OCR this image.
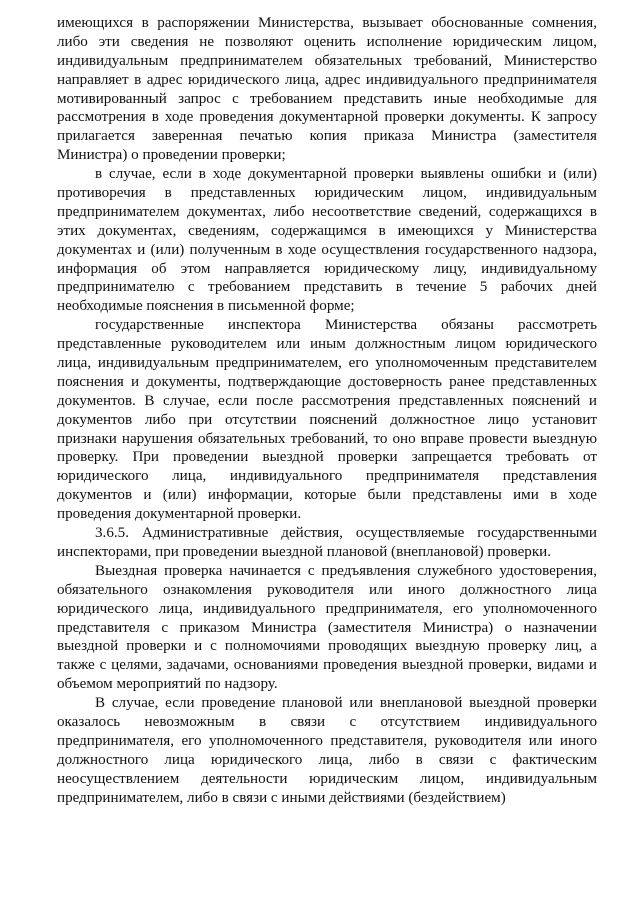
имеющихся в распоряжении Министерства, вызывает обоснованные сомнения,
либо эти сведения не позволяют оценить исполнение юридическим лицом,
индивидуальным предпринимателем обязательных требований, Министерство
направляет в адрес юридического лица, адрес индивидуального предпринимателя
мотивированный запрос с требованием представить иные необходимые для
рассмотрения в ходе проведения документарной проверки документы. К запросу
прилагается заверенная печатью копия приказа Министра (заместителя
Министра) о проведении проверки;
в случае, если в ходе документарной проверки выявлены ошибки и (или)
противоречия в представленных юридическим лицом, индивидуальным
предпринимателем документах, либо несоответствие сведений, содержащихся в
этих документах, сведениям, содержащимся в имеющихся у Министерства
документах и (или) полученным в ходе осуществления государственного надзора,
информация об этом направляется юридическому лицу, индивидуальному
предпринимателю с требованием представить в течение 5 рабочих дней
необходимые пояснения в письменной форме;
государственные инспектора Министерства обязаны рассмотреть
представленные руководителем или иным должностным лицом юридического
лица, индивидуальным предпринимателем, его уполномоченным представителем
пояснения и документы, подтверждающие достоверность ранее представленных
документов. В случае, если после рассмотрения представленных пояснений и
документов либо при отсутствии пояснений должностное лицо установит
признаки нарушения обязательных требований, то оно вправе провести выездную
проверку. При проведении выездной проверки запрещается требовать от
юридического лица, индивидуального предпринимателя представления
документов и (или) информации, которые были представлены ими в ходе
проведения документарной проверки.
3.6.5. Административные действия, осуществляемые государственными
инспекторами, при проведении выездной плановой (внеплановой) проверки.
Выездная проверка начинается с предъявления служебного удостоверения,
обязательного ознакомления руководителя или иного должностного лица
юридического лица, индивидуального предпринимателя, его уполномоченного
представителя с приказом Министра (заместителя Министра) о назначении
выездной проверки и с полномочиями проводящих выездную проверку лиц, а
также с целями, задачами, основаниями проведения выездной проверки, видами и
объемом мероприятий по надзору.
В случае, если проведение плановой или внеплановой выездной проверки
оказалось невозможным в связи с отсутствием индивидуального
предпринимателя, его уполномоченного представителя, руководителя или иного
должностного лица юридического лица, либо в связи с фактическим
неосуществлением деятельности юридическим лицом, индивидуальным
предпринимателем, либо в связи с иными действиями (бездействием)
